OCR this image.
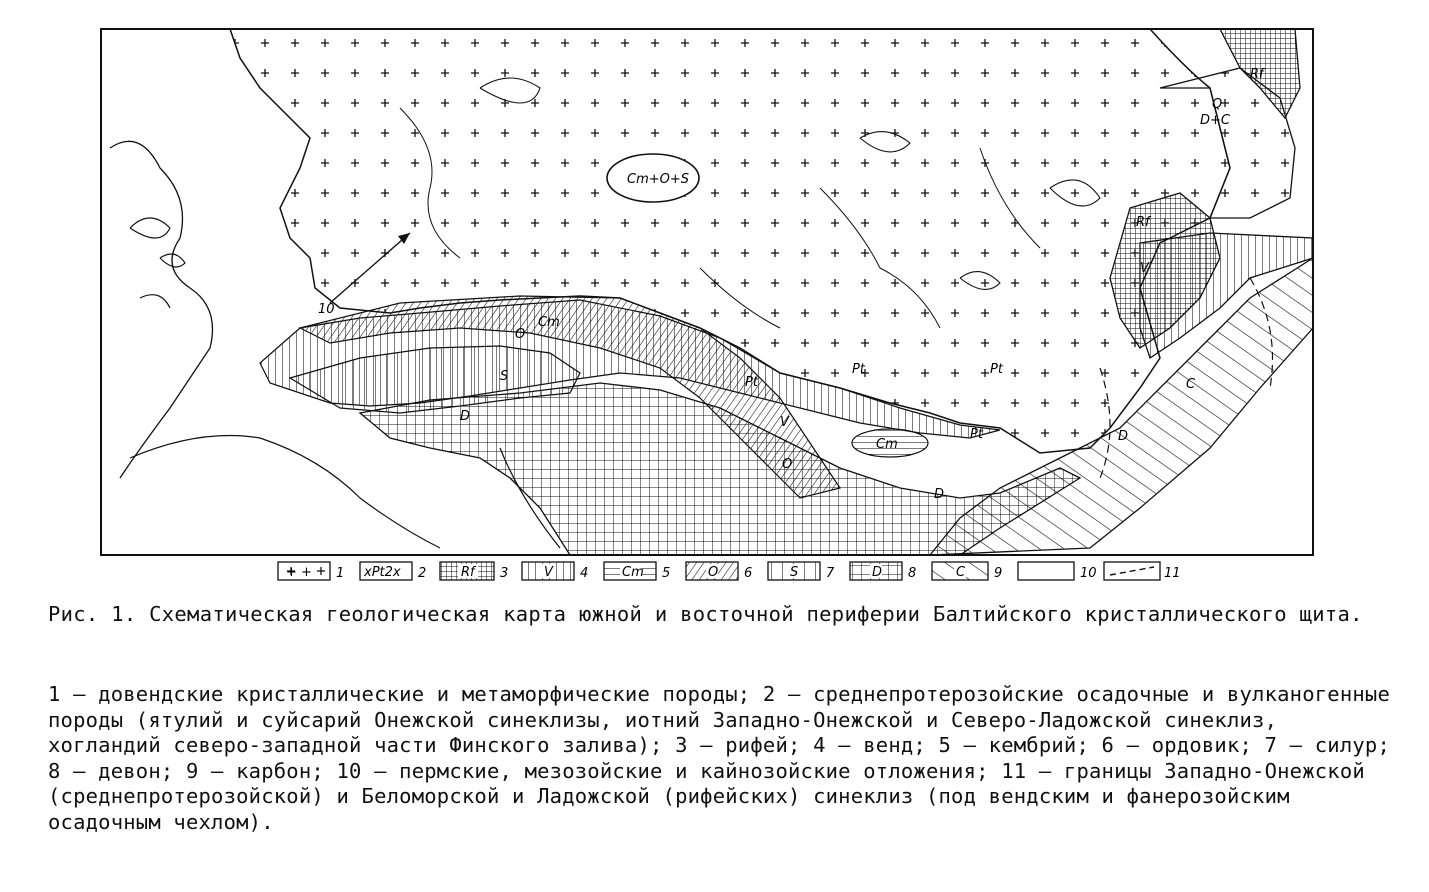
Cm+O+S
Rf
Q
D+C
Rf
V
C
Cm
O
S
D
Pt
Pt	Pt
Pt
V
O
Cm
D
D
10
+ + 1 xPt2x 2	Rf 3	V 4	Cm 5	O 6	S 7	D 8	C 9	10	11

Рис. 1. Схематическая геологическая карта южной и восточной периферии Балтийского кристаллического щита.

1 – довендские кристаллические и метаморфические породы; 2 – среднепротерозойские осадочные и вулканогенные породы (ятулий и суйсарий Онежской синеклизы, иотний Западно-Онежской и Северо-Ладожской синеклиз, хогландий северо-западной части Финского залива); 3 – рифей; 4 – венд; 5 – кембрий; 6 – ордовик; 7 – силур; 8 – девон; 9 – карбон; 10 – пермские, мезозойские и кайнозойские отложения; 11 – границы Западно-Онежской (среднепротерозойской) и Беломорской и Ладожской (рифейских) синеклиз (под вендским и фанерозойским осадочным чехлом).
